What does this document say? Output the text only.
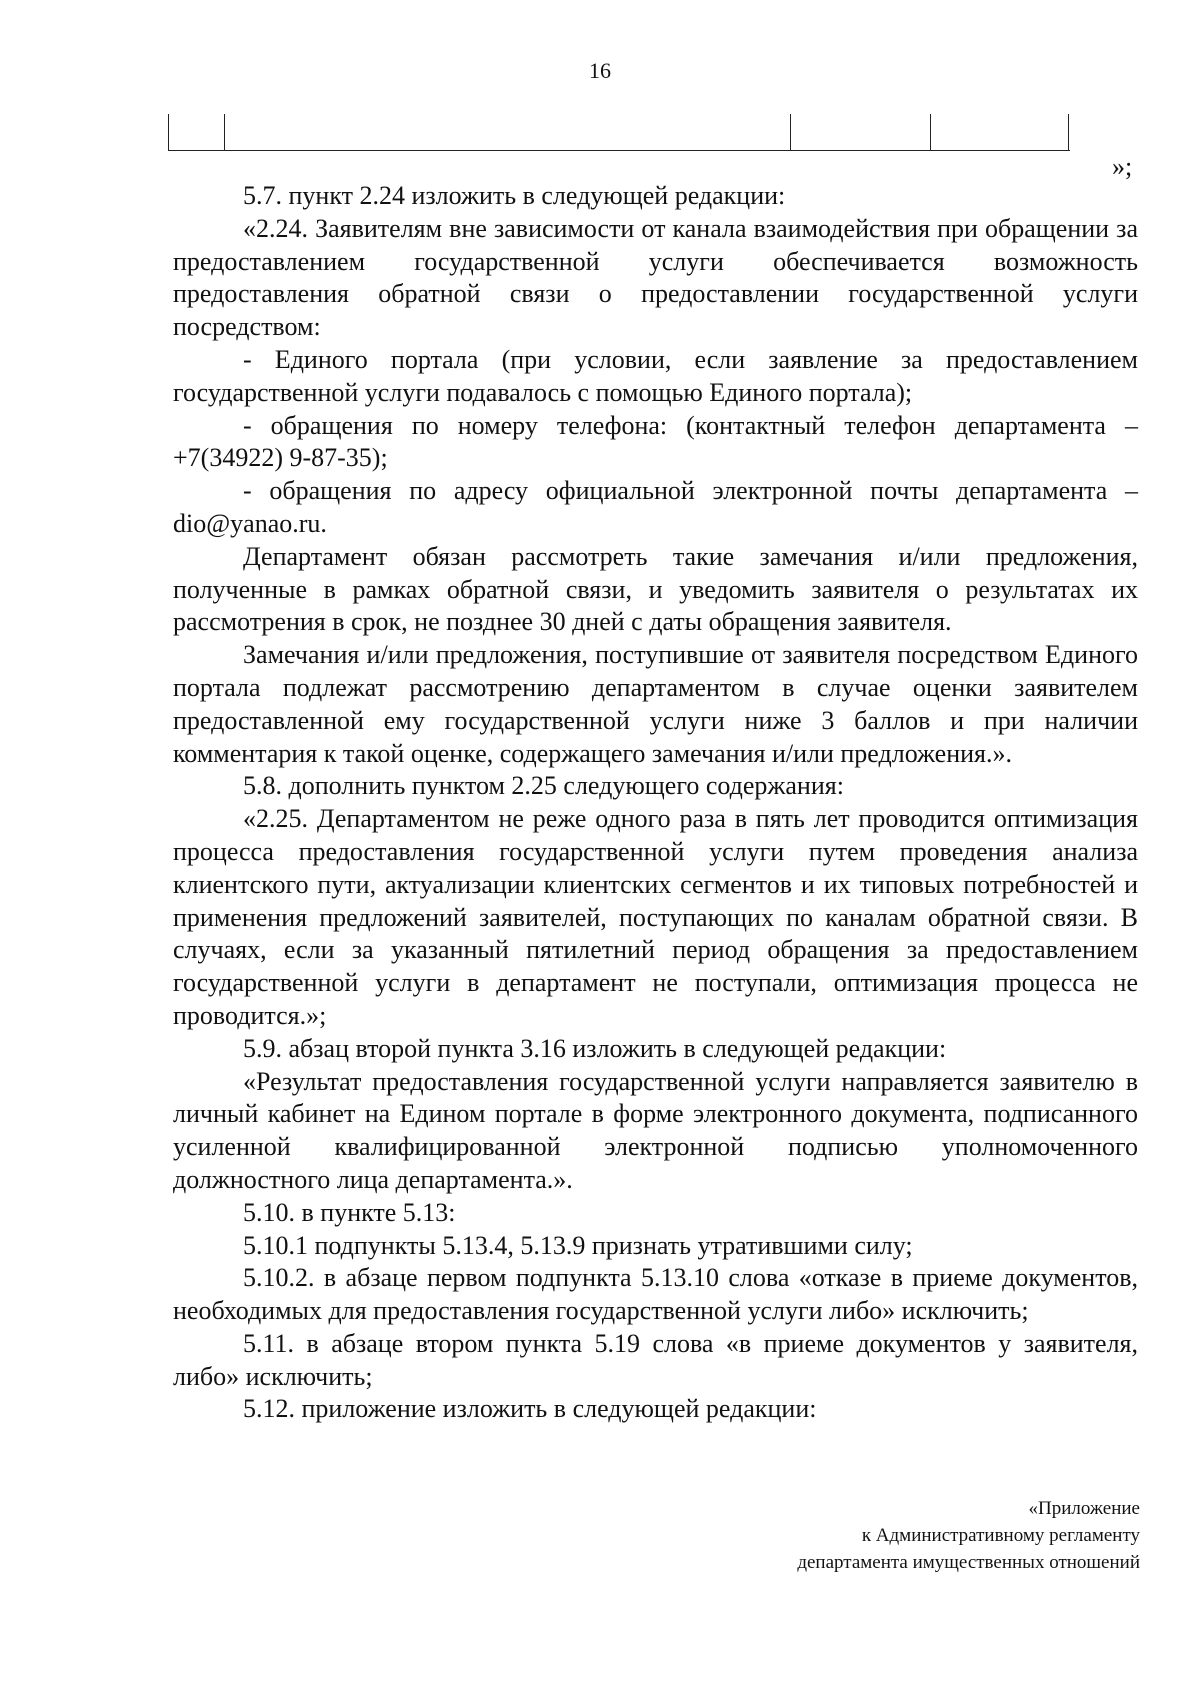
16
»;

5.7. пункт 2.24 изложить в следующей редакции:

«2.24. Заявителям вне зависимости от канала взаимодействия при обращении за предоставлением государственной услуги обеспечивается возможность предоставления обратной связи о предоставлении государственной услуги посредством:

- Единого портала (при условии, если заявление за предоставлением государственной услуги подавалось с помощью Единого портала);

- обращения по номеру телефона: (контактный телефон департамента – +7(34922) 9-87-35);

- обращения по адресу официальной электронной почты департамента – dio@yanao.ru.

Департамент обязан рассмотреть такие замечания и/или предложения, полученные в рамках обратной связи, и уведомить заявителя о результатах их рассмотрения в срок, не позднее 30 дней с даты обращения заявителя.

Замечания и/или предложения, поступившие от заявителя посредством Единого портала подлежат рассмотрению департаментом в случае оценки заявителем предоставленной ему государственной услуги ниже 3 баллов и при наличии комментария к такой оценке, содержащего замечания и/или предложения.».

5.8. дополнить пунктом 2.25 следующего содержания:

«2.25. Департаментом не реже одного раза в пять лет проводится оптимизация процесса предоставления государственной услуги путем проведения анализа клиентского пути, актуализации клиентских сегментов и их типовых потребностей и применения предложений заявителей, поступающих по каналам обратной связи. В случаях, если за указанный пятилетний период обращения за предоставлением государственной услуги в департамент не поступали, оптимизация процесса не проводится.»;

5.9. абзац второй пункта 3.16 изложить в следующей редакции:

«Результат предоставления государственной услуги направляется заявителю в личный кабинет на Едином портале в форме электронного документа, подписанного усиленной квалифицированной электронной подписью уполномоченного должностного лица департамента.».

5.10. в пункте 5.13:

5.10.1 подпункты 5.13.4, 5.13.9 признать утратившими силу;

5.10.2. в абзаце первом подпункта 5.13.10 слова «отказе в приеме документов, необходимых для предоставления государственной услуги либо» исключить;

5.11. в абзаце втором пункта 5.19 слова «в приеме документов у заявителя, либо» исключить;

5.12. приложение изложить в следующей редакции:

«Приложение

к Административному регламенту

департамента имущественных отношений
